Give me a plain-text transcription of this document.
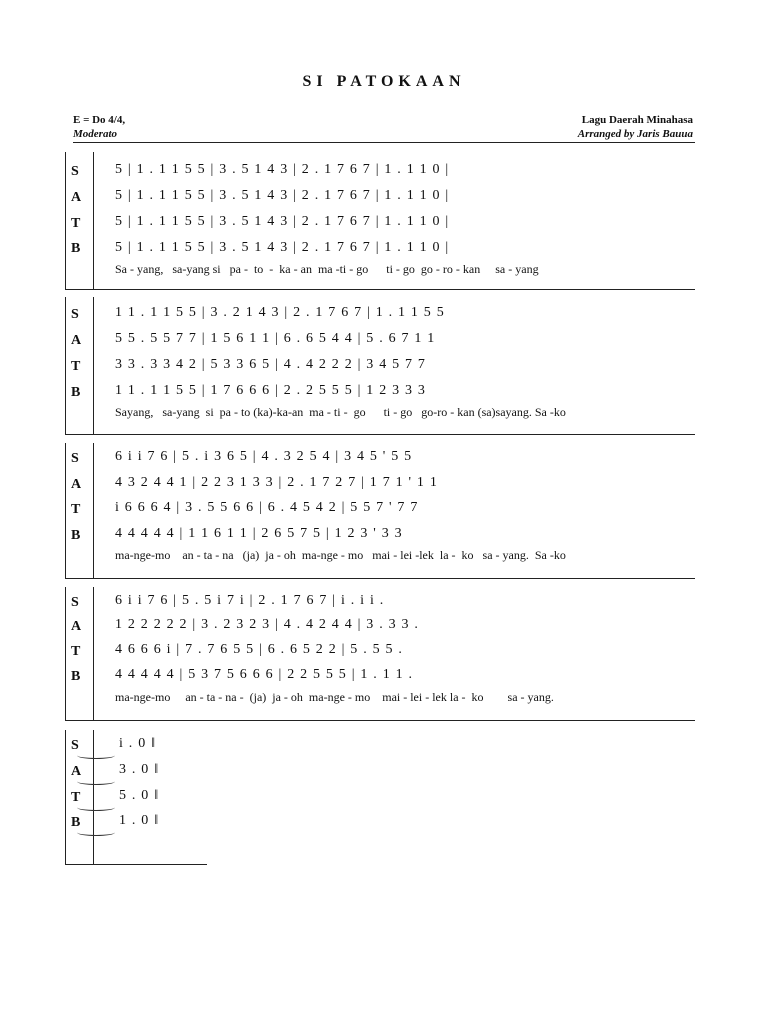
SI PATOKAAN
E = Do 4/4,
Moderato
Lagu Daerah Minahasa
Arranged by Jaris Bauua
S
A
T
B
5 | 1 . 1 1 5 5 | 3 . 5 1 4 3 | 2 . 1 7 6 7 | 1 . 1 1 0 |
5 | 1 . 1 1 5 5 | 3 . 5 1 4 3 | 2 . 1 7 6 7 | 1 . 1 1 0 |
5 | 1 . 1 1 5 5 | 3 . 5 1 4 3 | 2 . 1 7 6 7 | 1 . 1 1 0 |
5 | 1 . 1 1 5 5 | 3 . 5 1 4 3 | 2 . 1 7 6 7 | 1 . 1 1 0 |
Sa - yang,   sa-yang si   pa -  to  -  ka - an  ma -ti - go      ti - go  go - ro - kan     sa - yang
S
A
T
B
1 1 . 1 1 5 5 | 3 . 2 1 4 3 | 2 . 1 7 6 7 | 1 . 1 1 5 5
5 5 . 5 5 7 7 | 1 5 6 1 1 | 6 . 6 5 4 4 | 5 . 6 7 1 1
3 3 . 3 3 4 2 | 5 3 3 6 5 | 4 . 4 2 2 2 | 3 4 5 7 7
1 1 . 1 1 5 5 | 1 7 6 6 6 | 2 . 2 5 5 5 | 1 2 3 3 3
Sayang,   sa-yang  si  pa - to (ka)-ka-an  ma - ti -  go      ti - go   go-ro - kan (sa)sayang. Sa -ko
S
A
T
B
6 i i 7 6 | 5 . i 3 6 5 | 4 . 3 2 5 4 | 3 4 5 ' 5 5
4 3 2 4 4 1 | 2 2 3 1 3 3 | 2 . 1 7 2 7 | 1 7 1 ' 1 1
i 6 6 6 4 | 3 . 5 5 6 6 | 6 . 4 5 4 2 | 5 5 7 ' 7 7
4 4 4 4 4 | 1 1 6 1 1 | 2 6 5 7 5 | 1 2 3 ' 3 3
ma-nge-mo    an - ta - na   (ja)  ja - oh  ma-nge - mo   mai - lei -lek  la -  ko   sa - yang.  Sa -ko
S
A
T
B
6 i i 7 6 | 5 . 5 i 7 i | 2 . 1 7 6 7 | i . i i .
1 2 2 2 2 2 | 3 . 2 3 2 3 | 4 . 4 2 4 4 | 3 . 3 3 .
4 6 6 6 i | 7 . 7 6 5 5 | 6 . 6 5 2 2 | 5 . 5 5 .
4 4 4 4 4 | 5 3 7 5 6 6 6 | 2 2 5 5 5 | 1 . 1 1 .
ma-nge-mo     an - ta - na -  (ja)  ja - oh  ma-nge - mo    mai - lei - lek la -  ko        sa - yang.
S
A
T
B
i . 0 ‖
3 . 0 ‖
5 . 0 ‖
1 . 0 ‖
